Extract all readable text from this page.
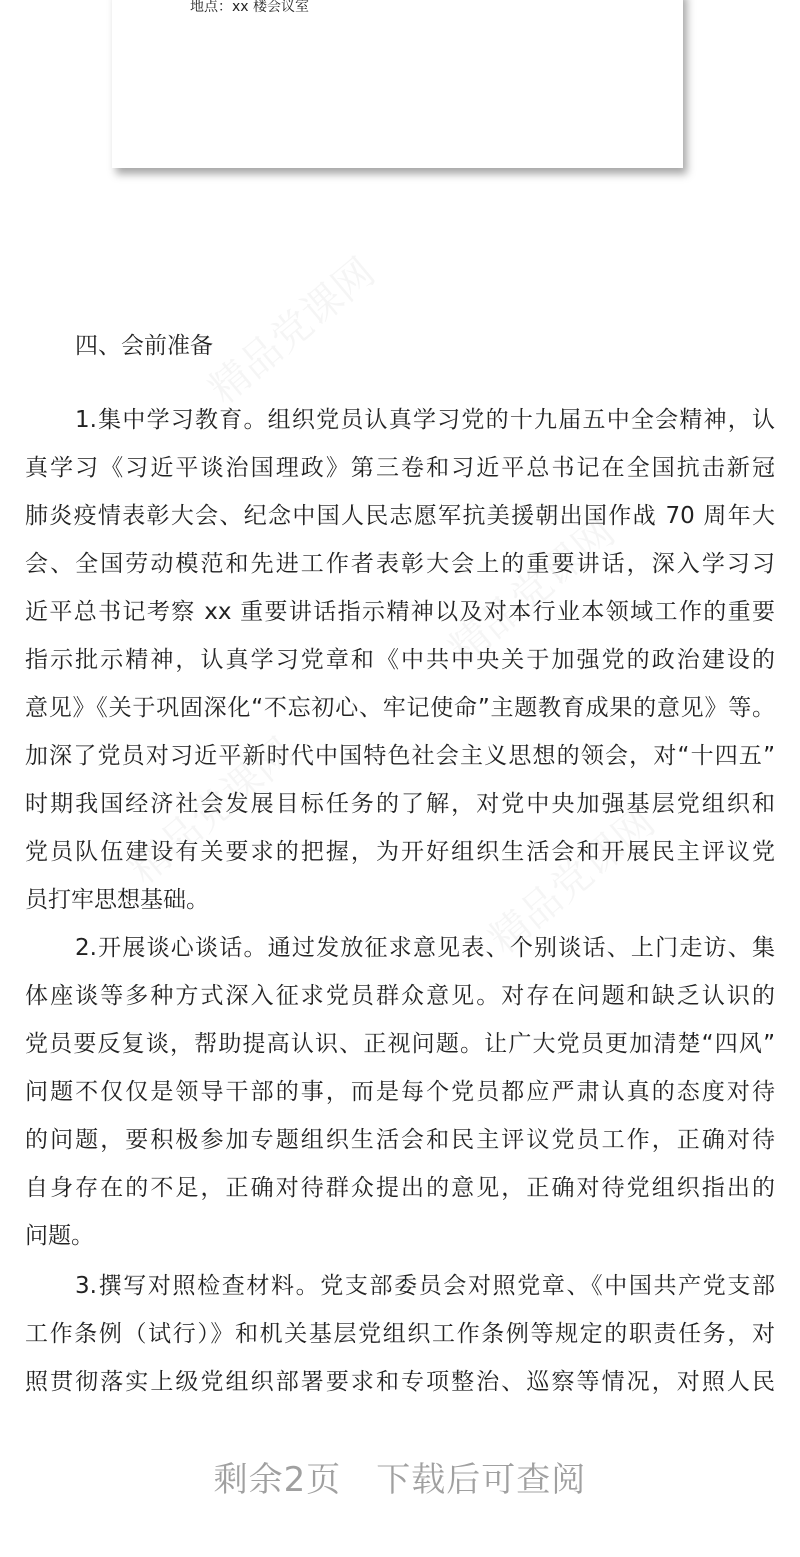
地点：xx 楼会议室
精品党课网
精品党课网
精品党课网	精品党课网
四、会前准备
1.集中学习教育。组织党员认真学习党的十九届五中全会精神，认
真学习《习近平谈治国理政》第三卷和习近平总书记在全国抗击新冠
肺炎疫情表彰大会、纪念中国人民志愿军抗美援朝出国作战 70 周年大
会、全国劳动模范和先进工作者表彰大会上的重要讲话，深入学习习
近平总书记考察 xx 重要讲话指示精神以及对本行业本领域工作的重要
指示批示精神，认真学习党章和《中共中央关于加强党的政治建设的
意见》《关于巩固深化“不忘初心、牢记使命”主题教育成果的意见》等。
加深了党员对习近平新时代中国特色社会主义思想的领会，对“十四五”
时期我国经济社会发展目标任务的了解，对党中央加强基层党组织和
党员队伍建设有关要求的把握，为开好组织生活会和开展民主评议党
员打牢思想基础。
2.开展谈心谈话。通过发放征求意见表、个别谈话、上门走访、集
体座谈等多种方式深入征求党员群众意见。对存在问题和缺乏认识的
党员要反复谈，帮助提高认识、正视问题。让广大党员更加清楚“四风”
问题不仅仅是领导干部的事，而是每个党员都应严肃认真的态度对待
的问题，要积极参加专题组织生活会和民主评议党员工作，正确对待
自身存在的不足，正确对待群众提出的意见，正确对待党组织指出的
问题。
3.撰写对照检查材料。党支部委员会对照党章、《中国共产党支部
工作条例（试行）》和机关基层党组织工作条例等规定的职责任务，对
照贯彻落实上级党组织部署要求和专项整治、巡察等情况，对照人民
剩余2页　下载后可查阅
